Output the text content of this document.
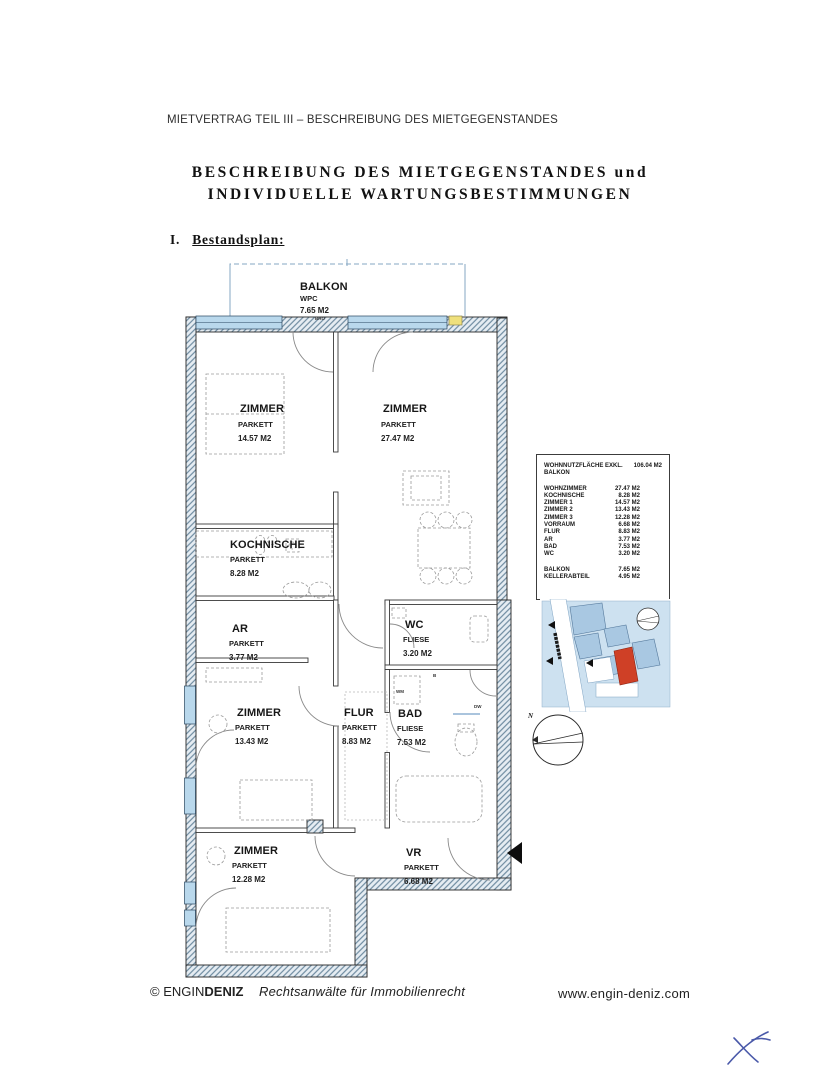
MIETVERTRAG TEIL III – BESCHREIBUNG DES MIETGEGENSTANDES
BESCHREIBUNG DES MIETGEGENSTANDES und
INDIVIDUELLE WARTUNGSBESTIMMUNGEN
I. Bestandsplan:
BALKON
WPC
7.65 M2
BRO
ZIMMER
PARKETT
14.57 M2
ZIMMER
PARKETT
27.47 M2
KOCHNISCHE
PARKETT
8.28 M2
AR
PARKETT
3.77 M2
WC
FLIESE
3.20 M2
ZIMMER
PARKETT
13.43 M2
FLUR
PARKETT
8.83 M2
BAD
FLIESE
7.53 M2
ZIMMER
PARKETT
12.28 M2
VR
PARKETT
6.68 M2
WM
B
DW
WOHNNUTZFLÄCHE EXKL. BALKON
106.04 M2
WOHNZIMMER	27.47 M2
KOCHNISCHE	8.28 M2
ZIMMER 1	14.57 M2
ZIMMER 2	13.43 M2
ZIMMER 3	12.28 M2
VORRAUM	6.68 M2
FLUR	8.83 M2
AR	3.77 M2
BAD	7.53 M2
WC	3.20 M2
BALKON	7.65 M2
KELLERABTEIL	4.95 M2
N
© ENGINDENIZ Rechtsanwälte für Immobilienrecht	www.engin-deniz.com
